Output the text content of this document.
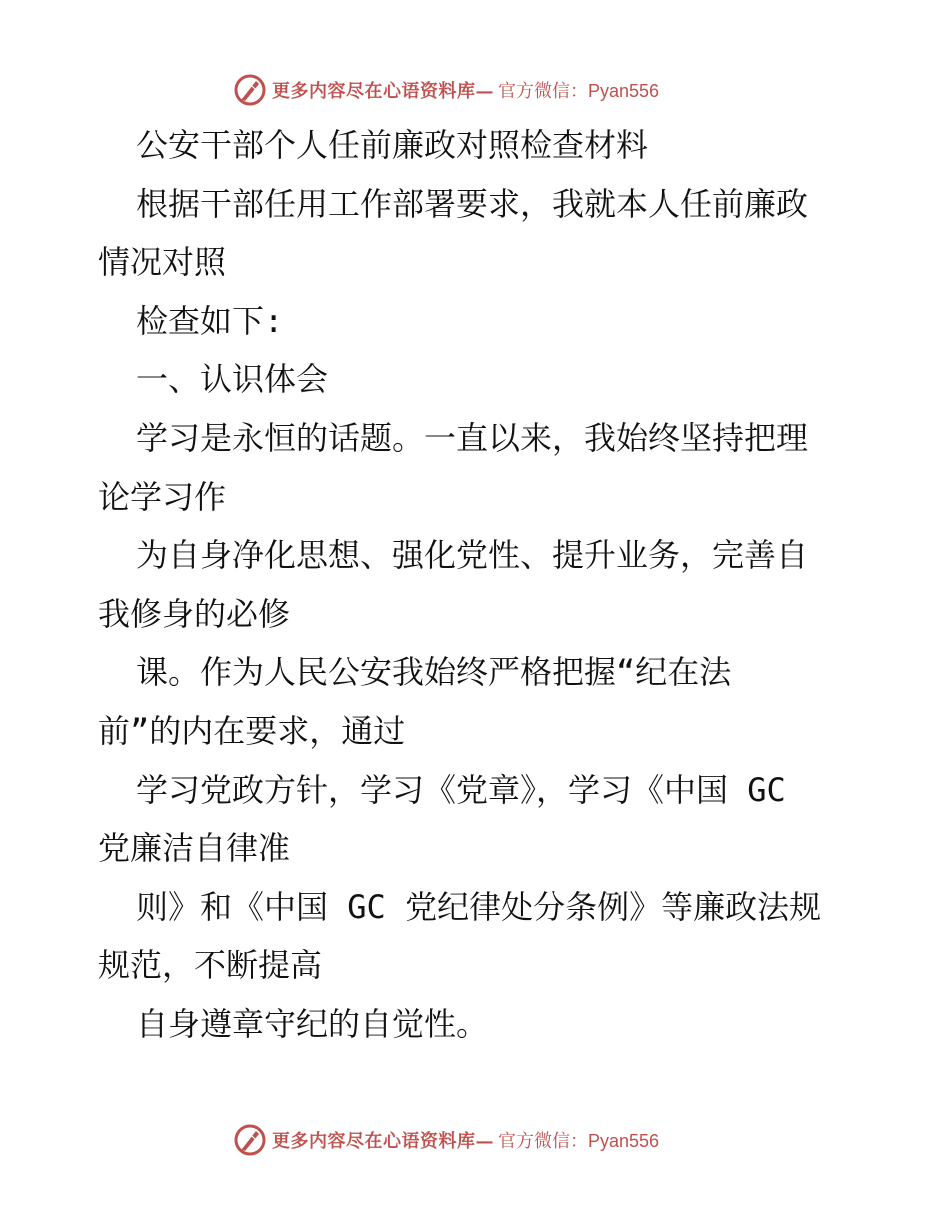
更多内容尽在心语资料库— 官方微信：Pyan556
公安干部个人任前廉政对照检查材料
根据干部任用工作部署要求，我就本人任前廉政
情况对照
检查如下:
一、认识体会
学习是永恒的话题。一直以来，我始终坚持把理
论学习作
为自身净化思想、强化党性、提升业务，完善自
我修身的必修
课。作为人民公安我始终严格把握“纪在法
前”的内在要求，通过
学习党政方针，学习《党章》，学习《中国 GC
党廉洁自律准
则》和《中国 GC 党纪律处分条例》等廉政法规
规范，不断提高
自身遵章守纪的自觉性。
更多内容尽在心语资料库— 官方微信：Pyan556
